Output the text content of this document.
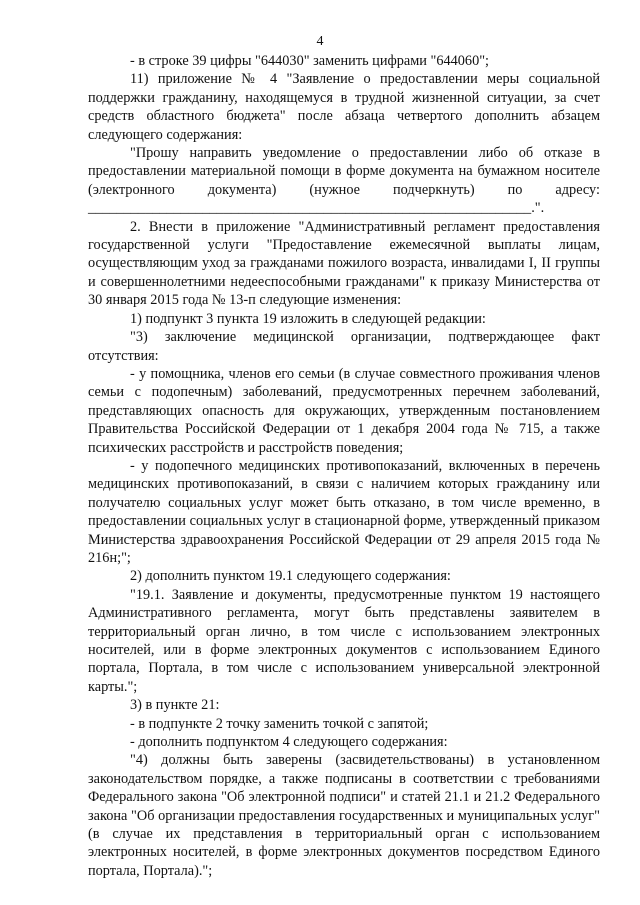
4

- в строке 39 цифры "644030" заменить цифрами "644060";

11) приложение № 4 "Заявление о предоставлении меры социальной поддержки гражданину, находящемуся в трудной жизненной ситуации, за счет средств областного бюджета" после абзаца четвертого дополнить абзацем следующего содержания:

"Прошу направить уведомление о предоставлении либо об отказе в предоставлении материальной помощи в форме документа на бумажном носителе (электронного документа) (нужное подчеркнуть) по адресу: ______________________________________________________________.".

2. Внести в приложение "Административный регламент предоставления государственной услуги "Предоставление ежемесячной выплаты лицам, осуществляющим уход за гражданами пожилого возраста, инвалидами I, II группы и совершеннолетними недееспособными гражданами" к приказу Министерства от 30 января 2015 года № 13-п следующие изменения:

1) подпункт 3 пункта 19 изложить в следующей редакции:

"3) заключение медицинской организации, подтверждающее факт отсутствия:

- у помощника, членов его семьи (в случае совместного проживания членов семьи с подопечным) заболеваний, предусмотренных перечнем заболеваний, представляющих опасность для окружающих, утвержденным постановлением Правительства Российской Федерации от 1 декабря 2004 года № 715, а также психических расстройств и расстройств поведения;

- у подопечного медицинских противопоказаний, включенных в перечень медицинских противопоказаний, в связи с наличием которых гражданину или получателю социальных услуг может быть отказано, в том числе временно, в предоставлении социальных услуг в стационарной форме, утвержденный приказом Министерства здравоохранения Российской Федерации от 29 апреля 2015 года № 216н;";

2) дополнить пунктом 19.1 следующего содержания:

"19.1. Заявление и документы, предусмотренные пунктом 19 настоящего Административного регламента, могут быть представлены заявителем в территориальный орган лично, в том числе с использованием электронных носителей, или в форме электронных документов с использованием Единого портала, Портала, в том числе с использованием универсальной электронной карты.";

3) в пункте 21:

- в подпункте 2 точку заменить точкой с запятой;

- дополнить подпунктом 4 следующего содержания:

"4) должны быть заверены (засвидетельствованы) в установленном законодательством порядке, а также подписаны в соответствии с требованиями Федерального закона "Об электронной подписи" и статей 21.1 и 21.2 Федерального закона "Об организации предоставления государственных и муниципальных услуг" (в случае их представления в территориальный орган с использованием электронных носителей, в форме электронных документов посредством Единого портала, Портала).";
